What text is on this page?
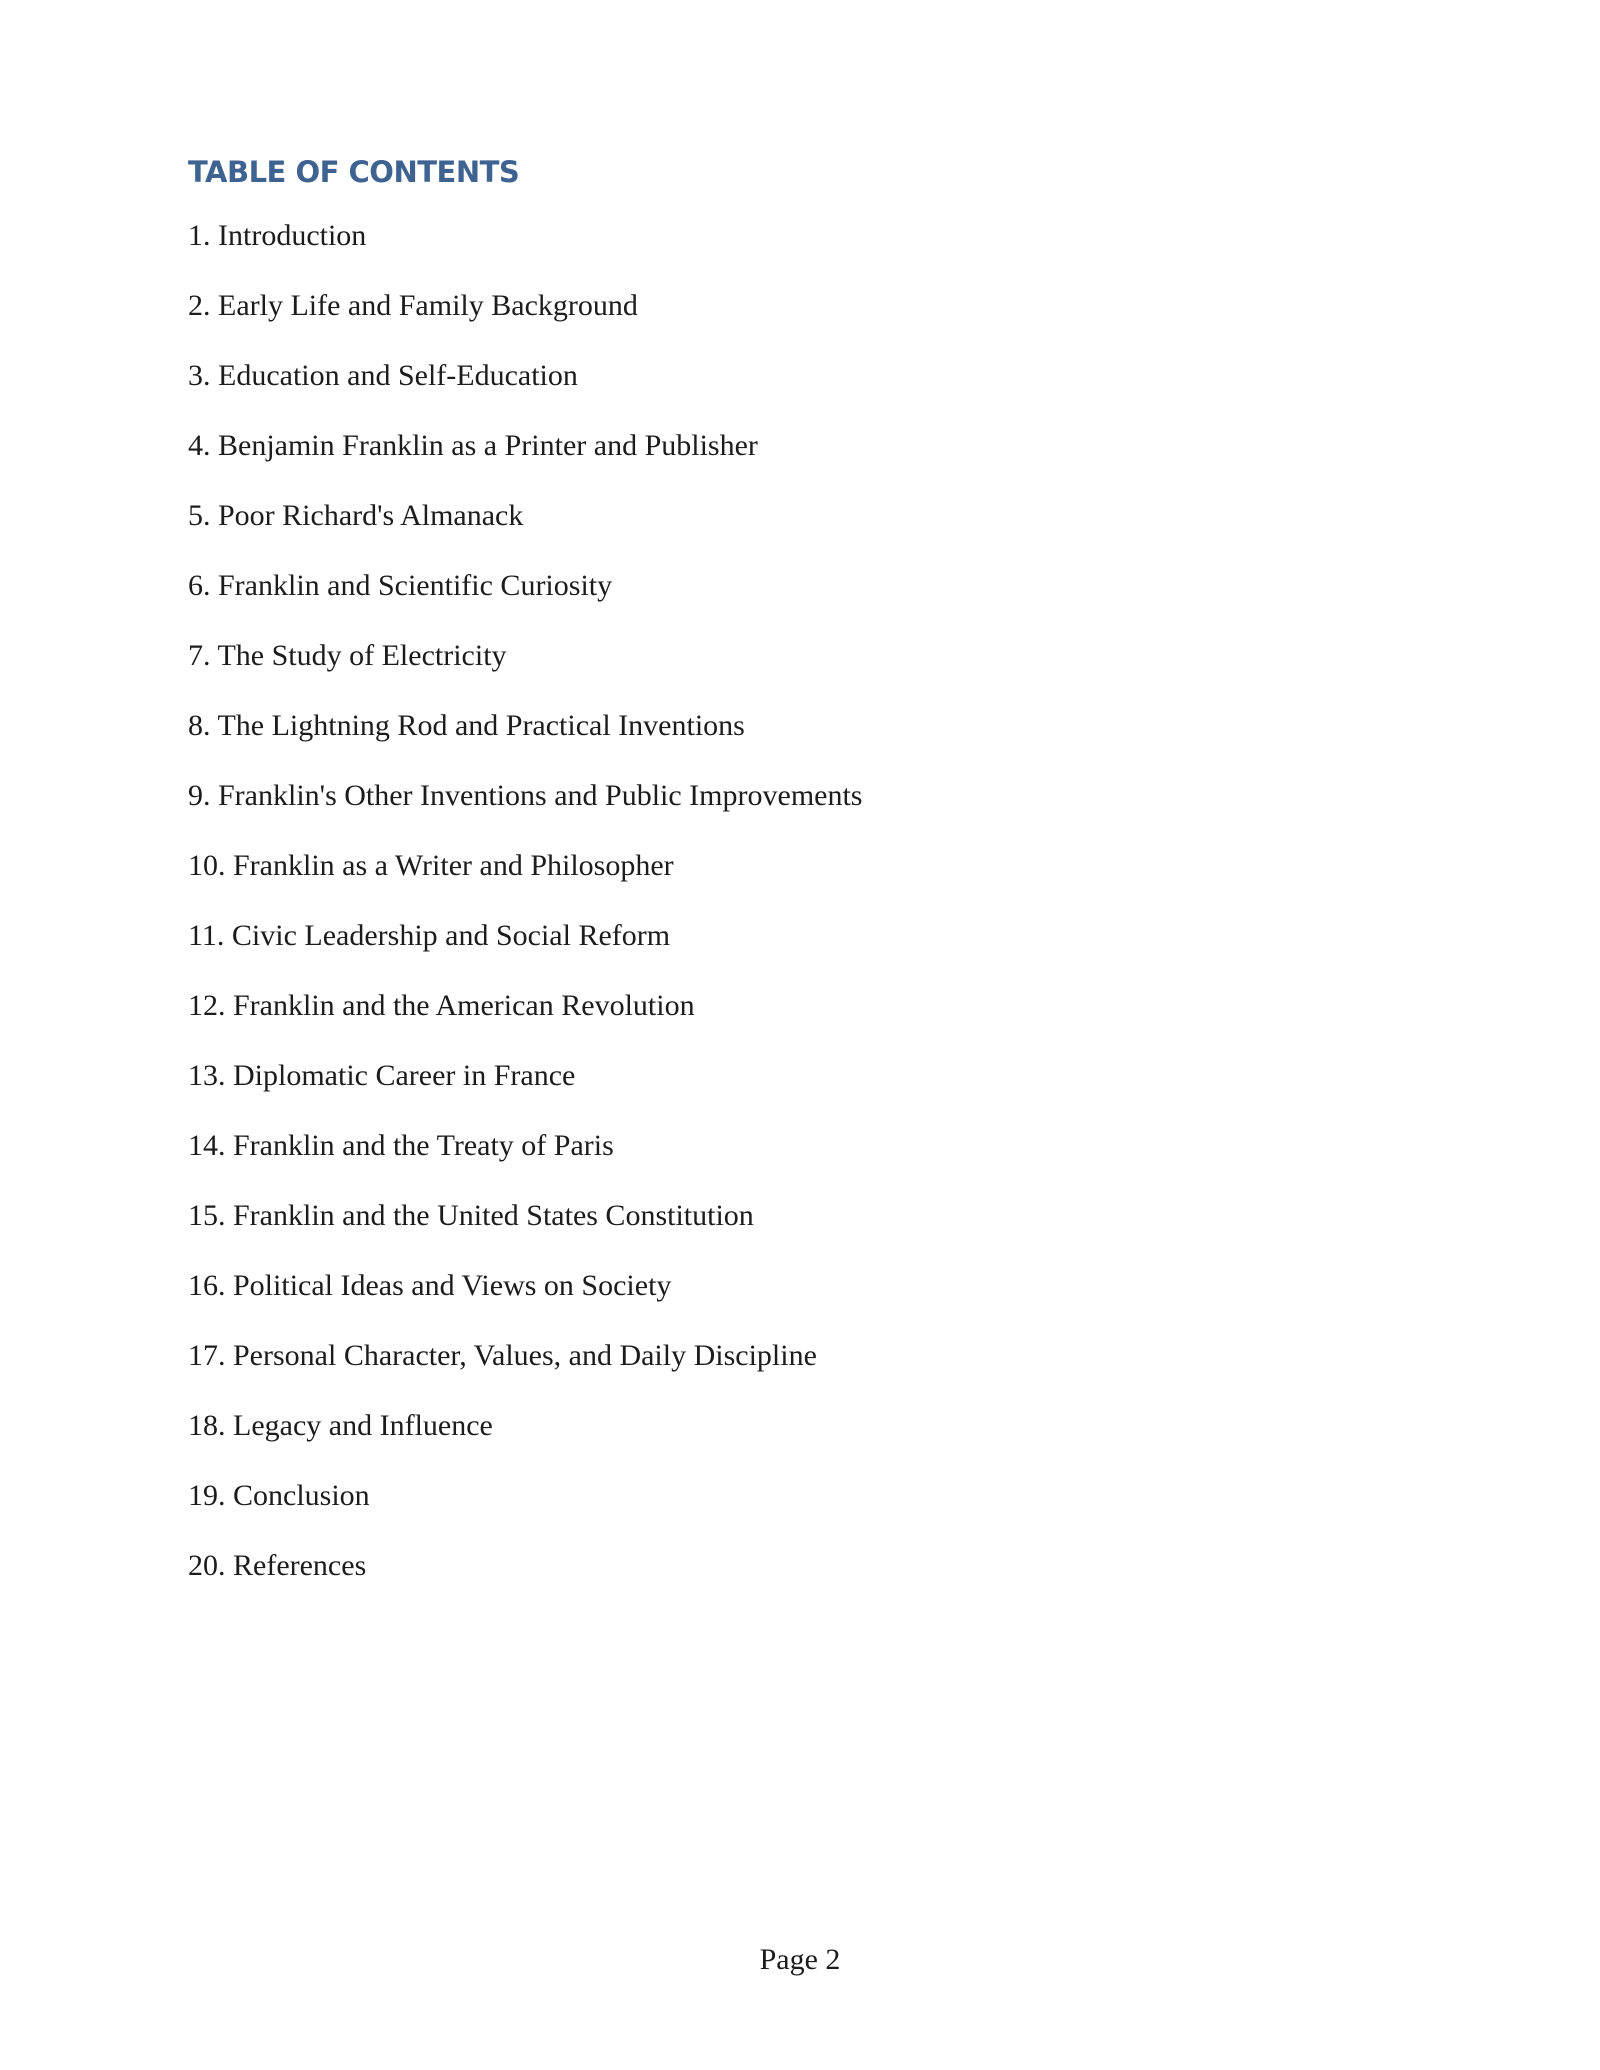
TABLE OF CONTENTS
1. Introduction
2. Early Life and Family Background
3. Education and Self-Education
4. Benjamin Franklin as a Printer and Publisher
5. Poor Richard's Almanack
6. Franklin and Scientific Curiosity
7. The Study of Electricity
8. The Lightning Rod and Practical Inventions
9. Franklin's Other Inventions and Public Improvements
10. Franklin as a Writer and Philosopher
11. Civic Leadership and Social Reform
12. Franklin and the American Revolution
13. Diplomatic Career in France
14. Franklin and the Treaty of Paris
15. Franklin and the United States Constitution
16. Political Ideas and Views on Society
17. Personal Character, Values, and Daily Discipline
18. Legacy and Influence
19. Conclusion
20. References
Page 2
